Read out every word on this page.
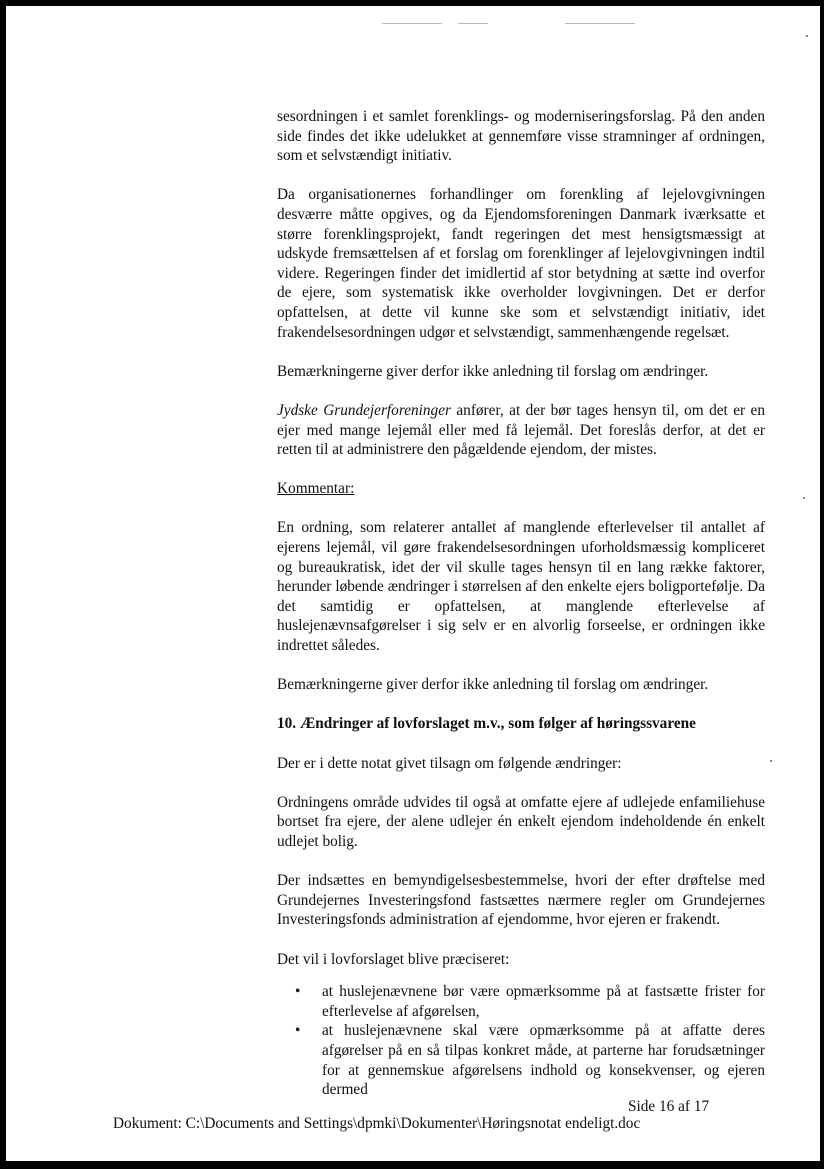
sesordningen i et samlet forenklings- og moderniseringsforslag. På den anden side findes det ikke udelukket at gennemføre visse stramninger af ordningen, som et selvstændigt initiativ.

Da organisationernes forhandlinger om forenkling af lejelovgivningen desværre måtte opgives, og da Ejendomsforeningen Danmark iværksatte et større forenklingsprojekt, fandt regeringen det mest hensigtsmæssigt at udskyde fremsættelsen af et forslag om forenklinger af lejelovgivningen indtil videre. Regeringen finder det imidlertid af stor betydning at sætte ind overfor de ejere, som systematisk ikke overholder lovgivningen. Det er derfor opfattelsen, at dette vil kunne ske som et selvstændigt initiativ, idet frakendelsesordningen udgør et selvstændigt, sammenhængende regelsæt.

Bemærkningerne giver derfor ikke anledning til forslag om ændringer.

Jydske Grundejerforeninger anfører, at der bør tages hensyn til, om det er en ejer med mange lejemål eller med få lejemål. Det foreslås derfor, at det er retten til at administrere den pågældende ejendom, der mistes.

Kommentar:

En ordning, som relaterer antallet af manglende efterlevelser til antallet af ejerens lejemål, vil gøre frakendelsesordningen uforholdsmæssig kompliceret og bureaukratisk, idet der vil skulle tages hensyn til en lang række faktorer, herunder løbende ændringer i størrelsen af den enkelte ejers boligportefølje. Da det samtidig er opfattelsen, at manglende efterlevelse af huslejenævnsafgørelser i sig selv er en alvorlig forseelse, er ordningen ikke indrettet således.

Bemærkningerne giver derfor ikke anledning til forslag om ændringer.

10. Ændringer af lovforslaget m.v., som følger af høringssvarene

Der er i dette notat givet tilsagn om følgende ændringer:

Ordningens område udvides til også at omfatte ejere af udlejede enfamiliehuse bortset fra ejere, der alene udlejer én enkelt ejendom indeholdende én enkelt udlejet bolig.

Der indsættes en bemyndigelsesbestemmelse, hvori der efter drøftelse med Grundejernes Investeringsfond fastsættes nærmere regler om Grundejernes Investeringsfonds administration af ejendomme, hvor ejeren er frakendt.

Det vil i lovforslaget blive præciseret:

• at huslejenævnene bør være opmærksomme på at fastsætte frister for efterlevelse af afgørelsen,
• at huslejenævnene skal være opmærksomme på at affatte deres afgørelser på en så tilpas konkret måde, at parterne har forudsætninger for at gennemskue afgørelsens indhold og konsekvenser, og ejeren dermed
Side 16 af 17
Dokument: C:\Documents and Settings\dpmki\Dokumenter\Høringsnotat endeligt.doc
